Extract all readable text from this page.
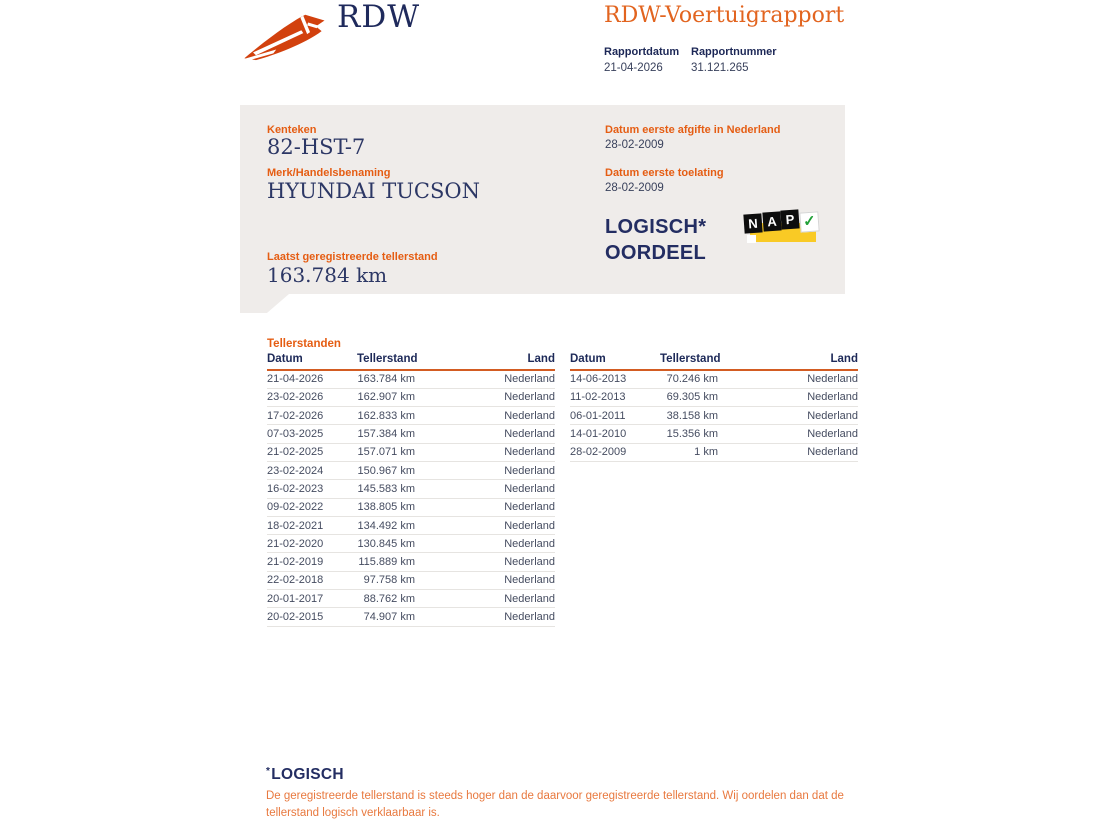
RDW	RDW-Voertuigrapport
Rapportdatum
21-04-2026
Rapportnummer
31.121.265
Kenteken
82-HST-7
Merk/Handelsbenaming
HYUNDAI TUCSON
Laatst geregistreerde tellerstand
163.784 km
Datum eerste afgifte in Nederland
28-02-2009
Datum eerste toelating
28-02-2009
LOGISCH*
OORDEEL
N A P ✓
Tellerstanden
Datum	Tellerstand	Land
21-04-2026	163.784 km	Nederland
23-02-2026	162.907 km	Nederland
17-02-2026	162.833 km	Nederland
07-03-2025	157.384 km	Nederland
21-02-2025	157.071 km	Nederland
23-02-2024	150.967 km	Nederland
16-02-2023	145.583 km	Nederland
09-02-2022	138.805 km	Nederland
18-02-2021	134.492 km	Nederland
21-02-2020	130.845 km	Nederland
21-02-2019	115.889 km	Nederland
22-02-2018	97.758 km	Nederland
20-01-2017	88.762 km	Nederland
20-02-2015	74.907 km	Nederland
Datum	Tellerstand	Land
14-06-2013	70.246 km	Nederland
11-02-2013	69.305 km	Nederland
06-01-2011	38.158 km	Nederland
14-01-2010	15.356 km	Nederland
28-02-2009	1 km	Nederland
*LOGISCH
De geregistreerde tellerstand is steeds hoger dan de daarvoor geregistreerde tellerstand. Wij oordelen dan dat de tellerstand logisch verklaarbaar is.
